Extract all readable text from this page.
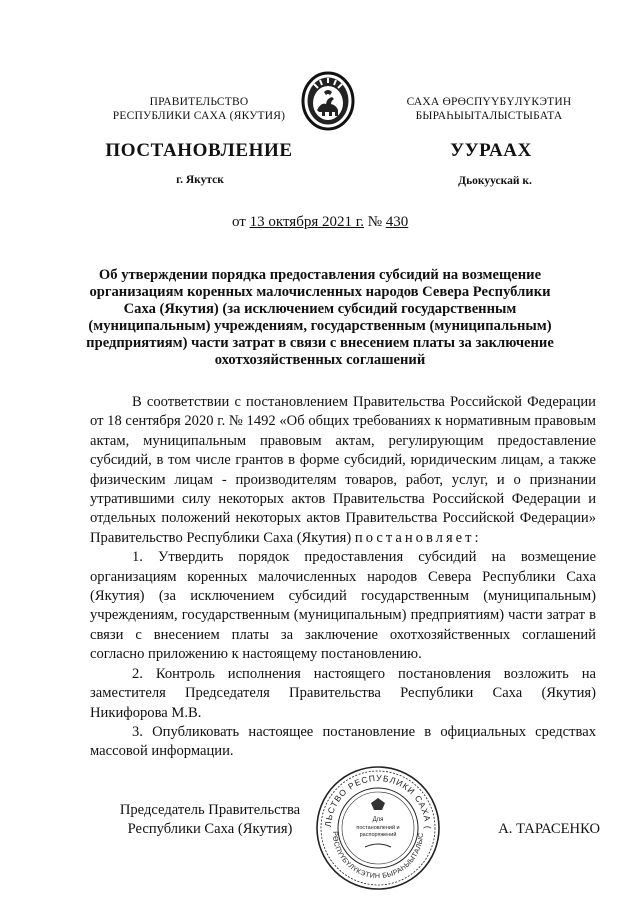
ПРАВИТЕЛЬСТВО
РЕСПУБЛИКИ САХА (ЯКУТИЯ)
САХА ӨРӨСПҮҮБҮЛҮКЭТИН
БЫРАҺЫЫТАЛЫСТЫБАТА
ПОСТАНОВЛЕНИЕ	УУРААХ
г. Якутск	Дьокуускай к.
от 13 октября 2021 г. № 430
Об утверждении порядка предоставления субсидий на возмещение
организациям коренных малочисленных народов Севера Республики
Саха (Якутия) (за исключением субсидий государственным
(муниципальным) учреждениям, государственным (муниципальным)
предприятиям) части затрат в связи с внесением платы за заключение
охотхозяйственных соглашений

В соответствии с постановлением Правительства Российской Федерации от 18 сентября 2020 г. № 1492 «Об общих требованиях к нормативным правовым актам, муниципальным правовым актам, регулирующим предоставление субсидий, в том числе грантов в форме субсидий, юридическим лицам, а также физическим лицам - производителям товаров, работ, услуг, и о признании утратившими силу некоторых актов Правительства Российской Федерации и отдельных положений некоторых актов Правительства Российской Федерации» Правительство Республики Саха (Якутия) постановляет:

1. Утвердить порядок предоставления субсидий на возмещение организациям коренных малочисленных народов Севера Республики Саха (Якутия) (за исключением субсидий государственным (муниципальным) учреждениям, государственным (муниципальным) предприятиям) части затрат в связи с внесением платы за заключение охотхозяйственных соглашений согласно приложению к настоящему постановлению.

2. Контроль исполнения настоящего постановления возложить на заместителя Председателя Правительства Республики Саха (Якутия) Никифорова М.В.

3. Опубликовать настоящее постановление в официальных средствах массовой информации.

Председатель Правительства
Республики Саха (Якутия)	ЛЬСТВО РЕСПУБЛИКИ САХА (
РӨСПҮҮБҮЛҮКЭТИН БЫРАҺЫЫТАЛЫС
Для
постановлений и
распоряжений	А. ТАРАСЕНКО
